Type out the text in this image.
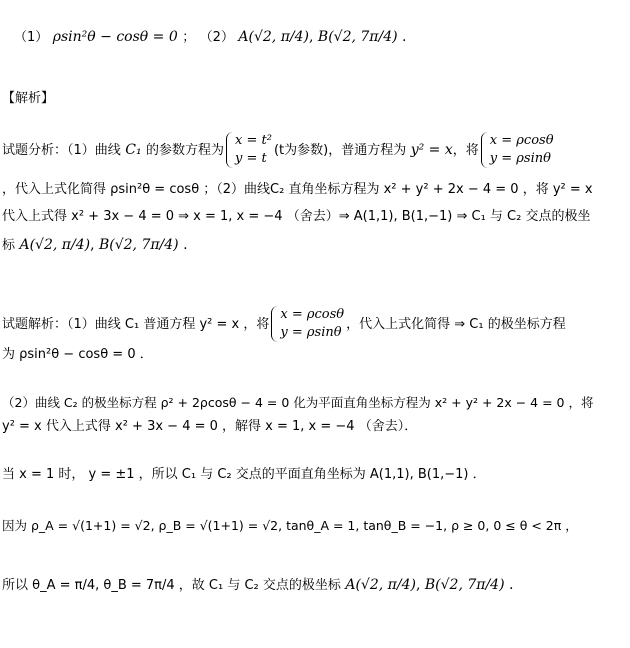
（1） ρsin²θ − cosθ = 0 ； （2） A(√2, π/4), B(√2, 7π/4) .
【解析】
试题分析：（1）曲线 C₁ 的参数方程为
x = t²
y = t
(t为参数)，普通方程为 y² = x，将
x = ρcosθ
y = ρsinθ
，代入上式化简得 ρsin²θ = cosθ ；（2）曲线C₂ 直角坐标方程为 x² + y² + 2x − 4 = 0 ，将 y² = x
代入上式得 x² + 3x − 4 = 0 ⇒ x = 1, x = −4 （舍去）⇒ A(1,1), B(1,−1) ⇒ C₁ 与 C₂ 交点的极坐
标 A(√2, π/4), B(√2, 7π/4) .
试题解析：（1）曲线 C₁ 普通方程 y² = x ，将
x = ρcosθ
y = ρsinθ
，代入上式化简得 ⇒ C₁ 的极坐标方程
为 ρsin²θ − cosθ = 0 ．
（2）曲线 C₂ 的极坐标方程 ρ² + 2ρcosθ − 4 = 0 化为平面直角坐标方程为 x² + y² + 2x − 4 = 0 ，将
y² = x 代入上式得 x² + 3x − 4 = 0 ，解得 x = 1, x = −4 （舍去）．
当 x = 1 时， y = ±1 ，所以 C₁ 与 C₂ 交点的平面直角坐标为 A(1,1), B(1,−1) ．
因为 ρ_A = √(1+1) = √2, ρ_B = √(1+1) = √2, tanθ_A = 1, tanθ_B = −1, ρ ≥ 0, 0 ≤ θ < 2π ，
所以 θ_A = π/4, θ_B = 7π/4 ，故 C₁ 与 C₂ 交点的极坐标 A(√2, π/4), B(√2, 7π/4) .
